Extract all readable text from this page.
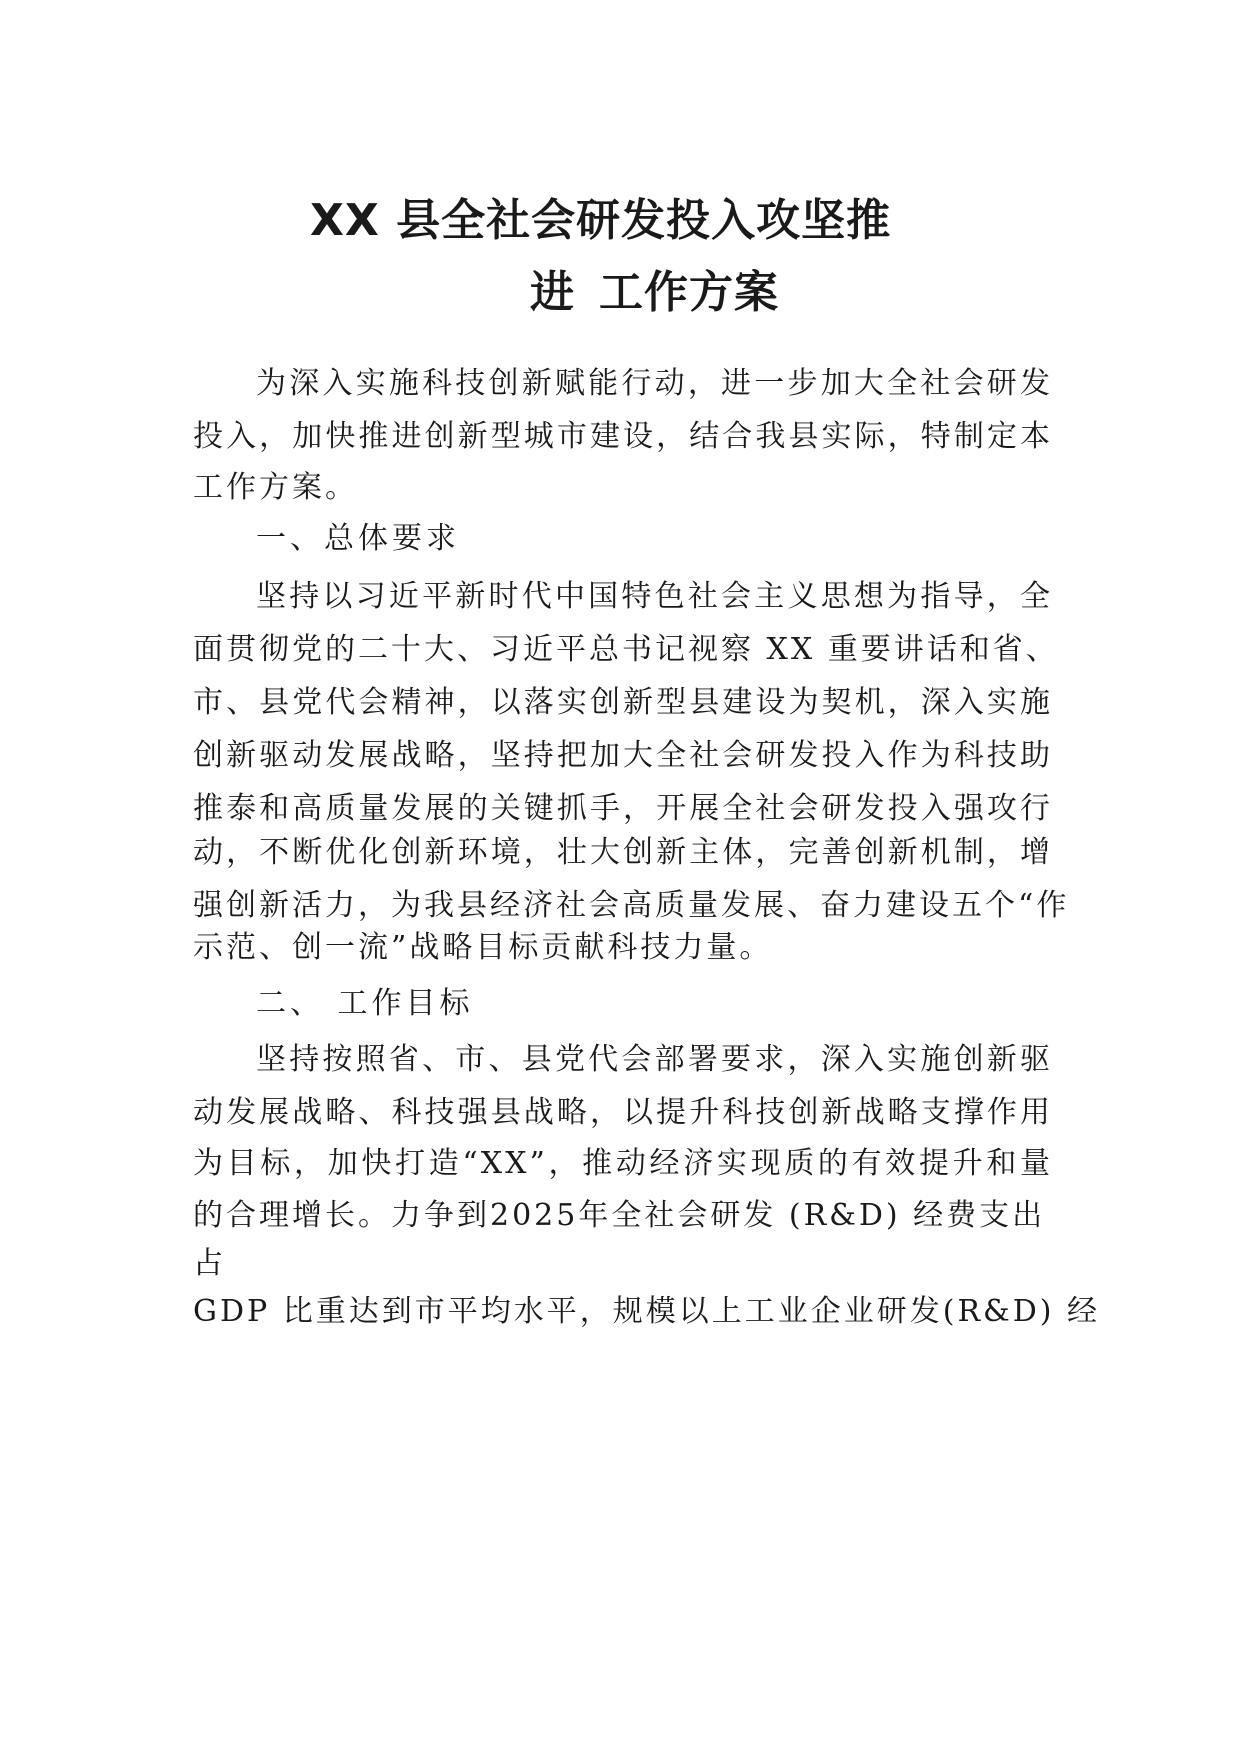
XX 县全社会研发投入攻坚推
进 工作方案
为深入实施科技创新赋能行动，进一步加大全社会研发
投入，加快推进创新型城市建设，结合我县实际，特制定本
工作方案。
一、总体要求
坚持以习近平新时代中国特色社会主义思想为指导，全
面贯彻党的二十大、习近平总书记视察 XX 重要讲话和省、
市、县党代会精神，以落实创新型县建设为契机，深入实施
创新驱动发展战略，坚持把加大全社会研发投入作为科技助
推泰和高质量发展的关键抓手，开展全社会研发投入强攻行
动，不断优化创新环境，壮大创新主体，完善创新机制，增
强创新活力，为我县经济社会高质量发展、奋力建设五个“作
示范、创一流”战略目标贡献科技力量。
二、 工作目标
坚持按照省、市、县党代会部署要求，深入实施创新驱
动发展战略、科技强县战略，以提升科技创新战略支撑作用
为目标，加快打造“XX”，推动经济实现质的有效提升和量
的合理增长。力争到2025年全社会研发 (R&D) 经费支出
占
GDP 比重达到市平均水平，规模以上工业企业研发(R&D) 经
